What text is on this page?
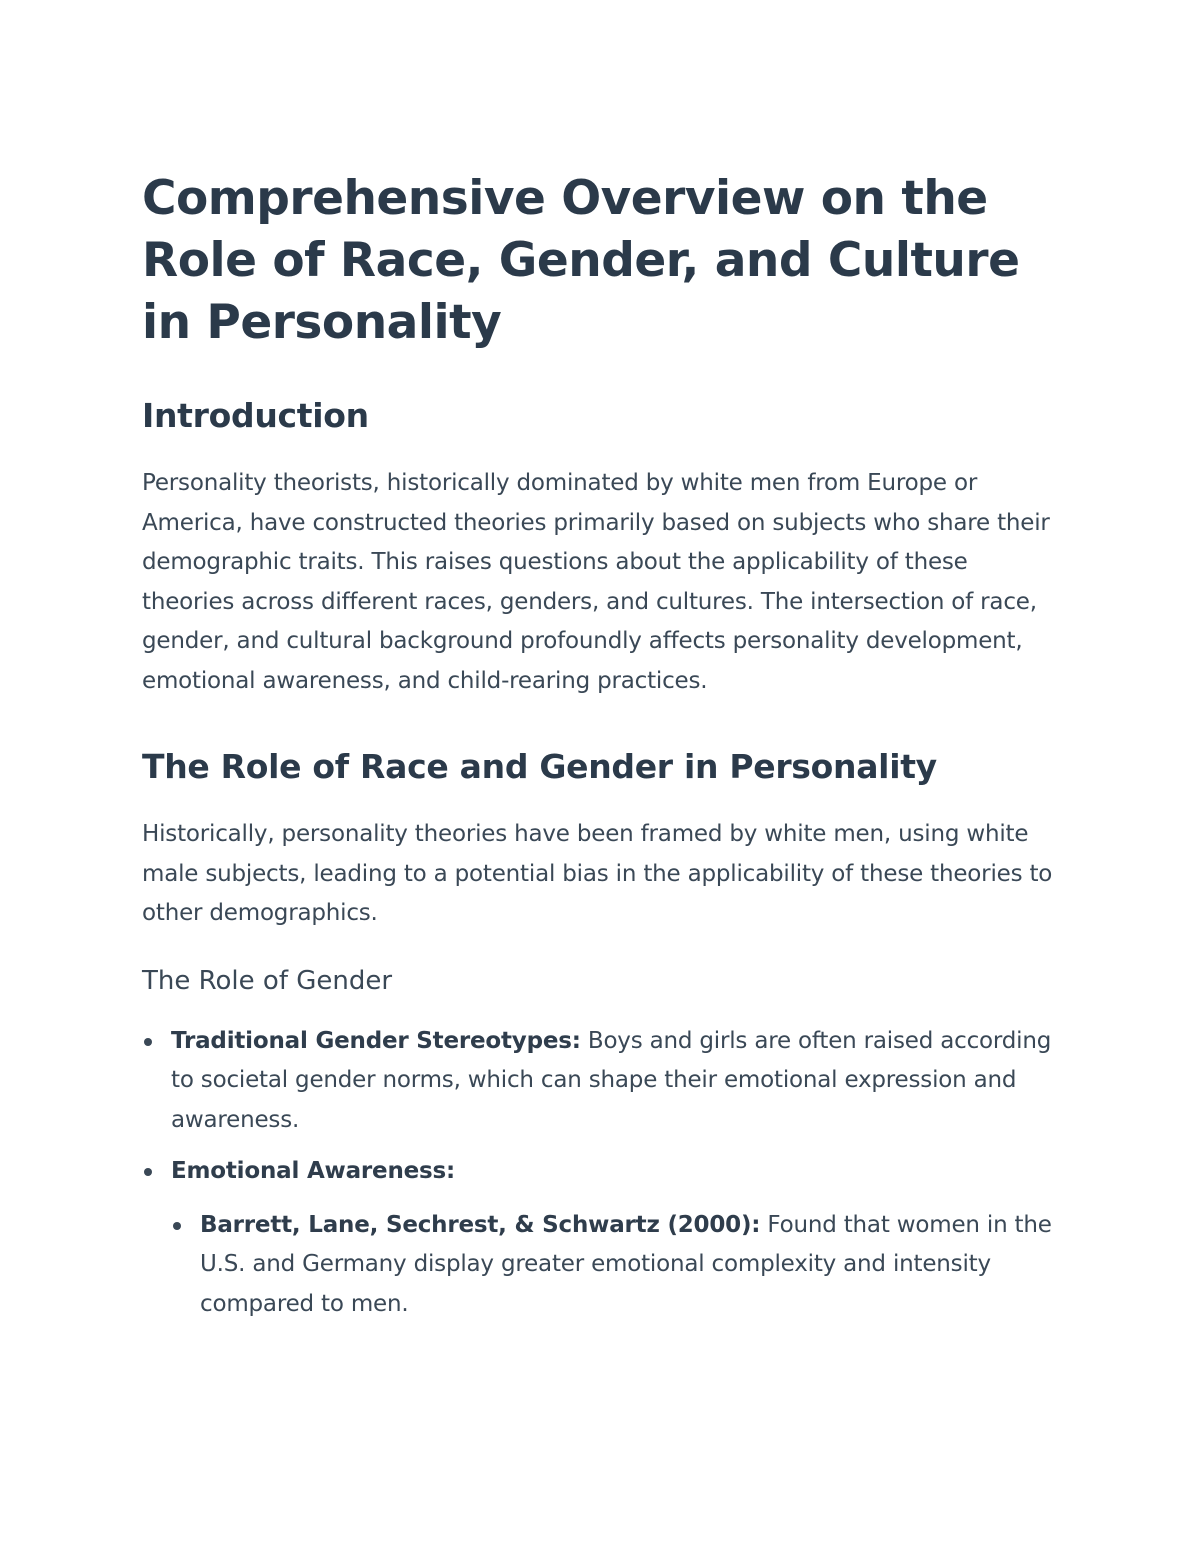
Comprehensive Overview on the Role of Race, Gender, and Culture in Personality
Introduction

Personality theorists, historically dominated by white men from Europe or America, have constructed theories primarily based on subjects who share their demographic traits. This raises questions about the applicability of these theories across different races, genders, and cultures. The intersection of race, gender, and cultural background profoundly affects personality development, emotional awareness, and child-rearing practices.

The Role of Race and Gender in Personality

Historically, personality theories have been framed by white men, using white male subjects, leading to a potential bias in the applicability of these theories to other demographics.

The Role of Gender
Traditional Gender Stereotypes: Boys and girls are often raised according to societal gender norms, which can shape their emotional expression and awareness.
Emotional Awareness:
Barrett, Lane, Sechrest, & Schwartz (2000): Found that women in the U.S. and Germany display greater emotional complexity and intensity compared to men.
